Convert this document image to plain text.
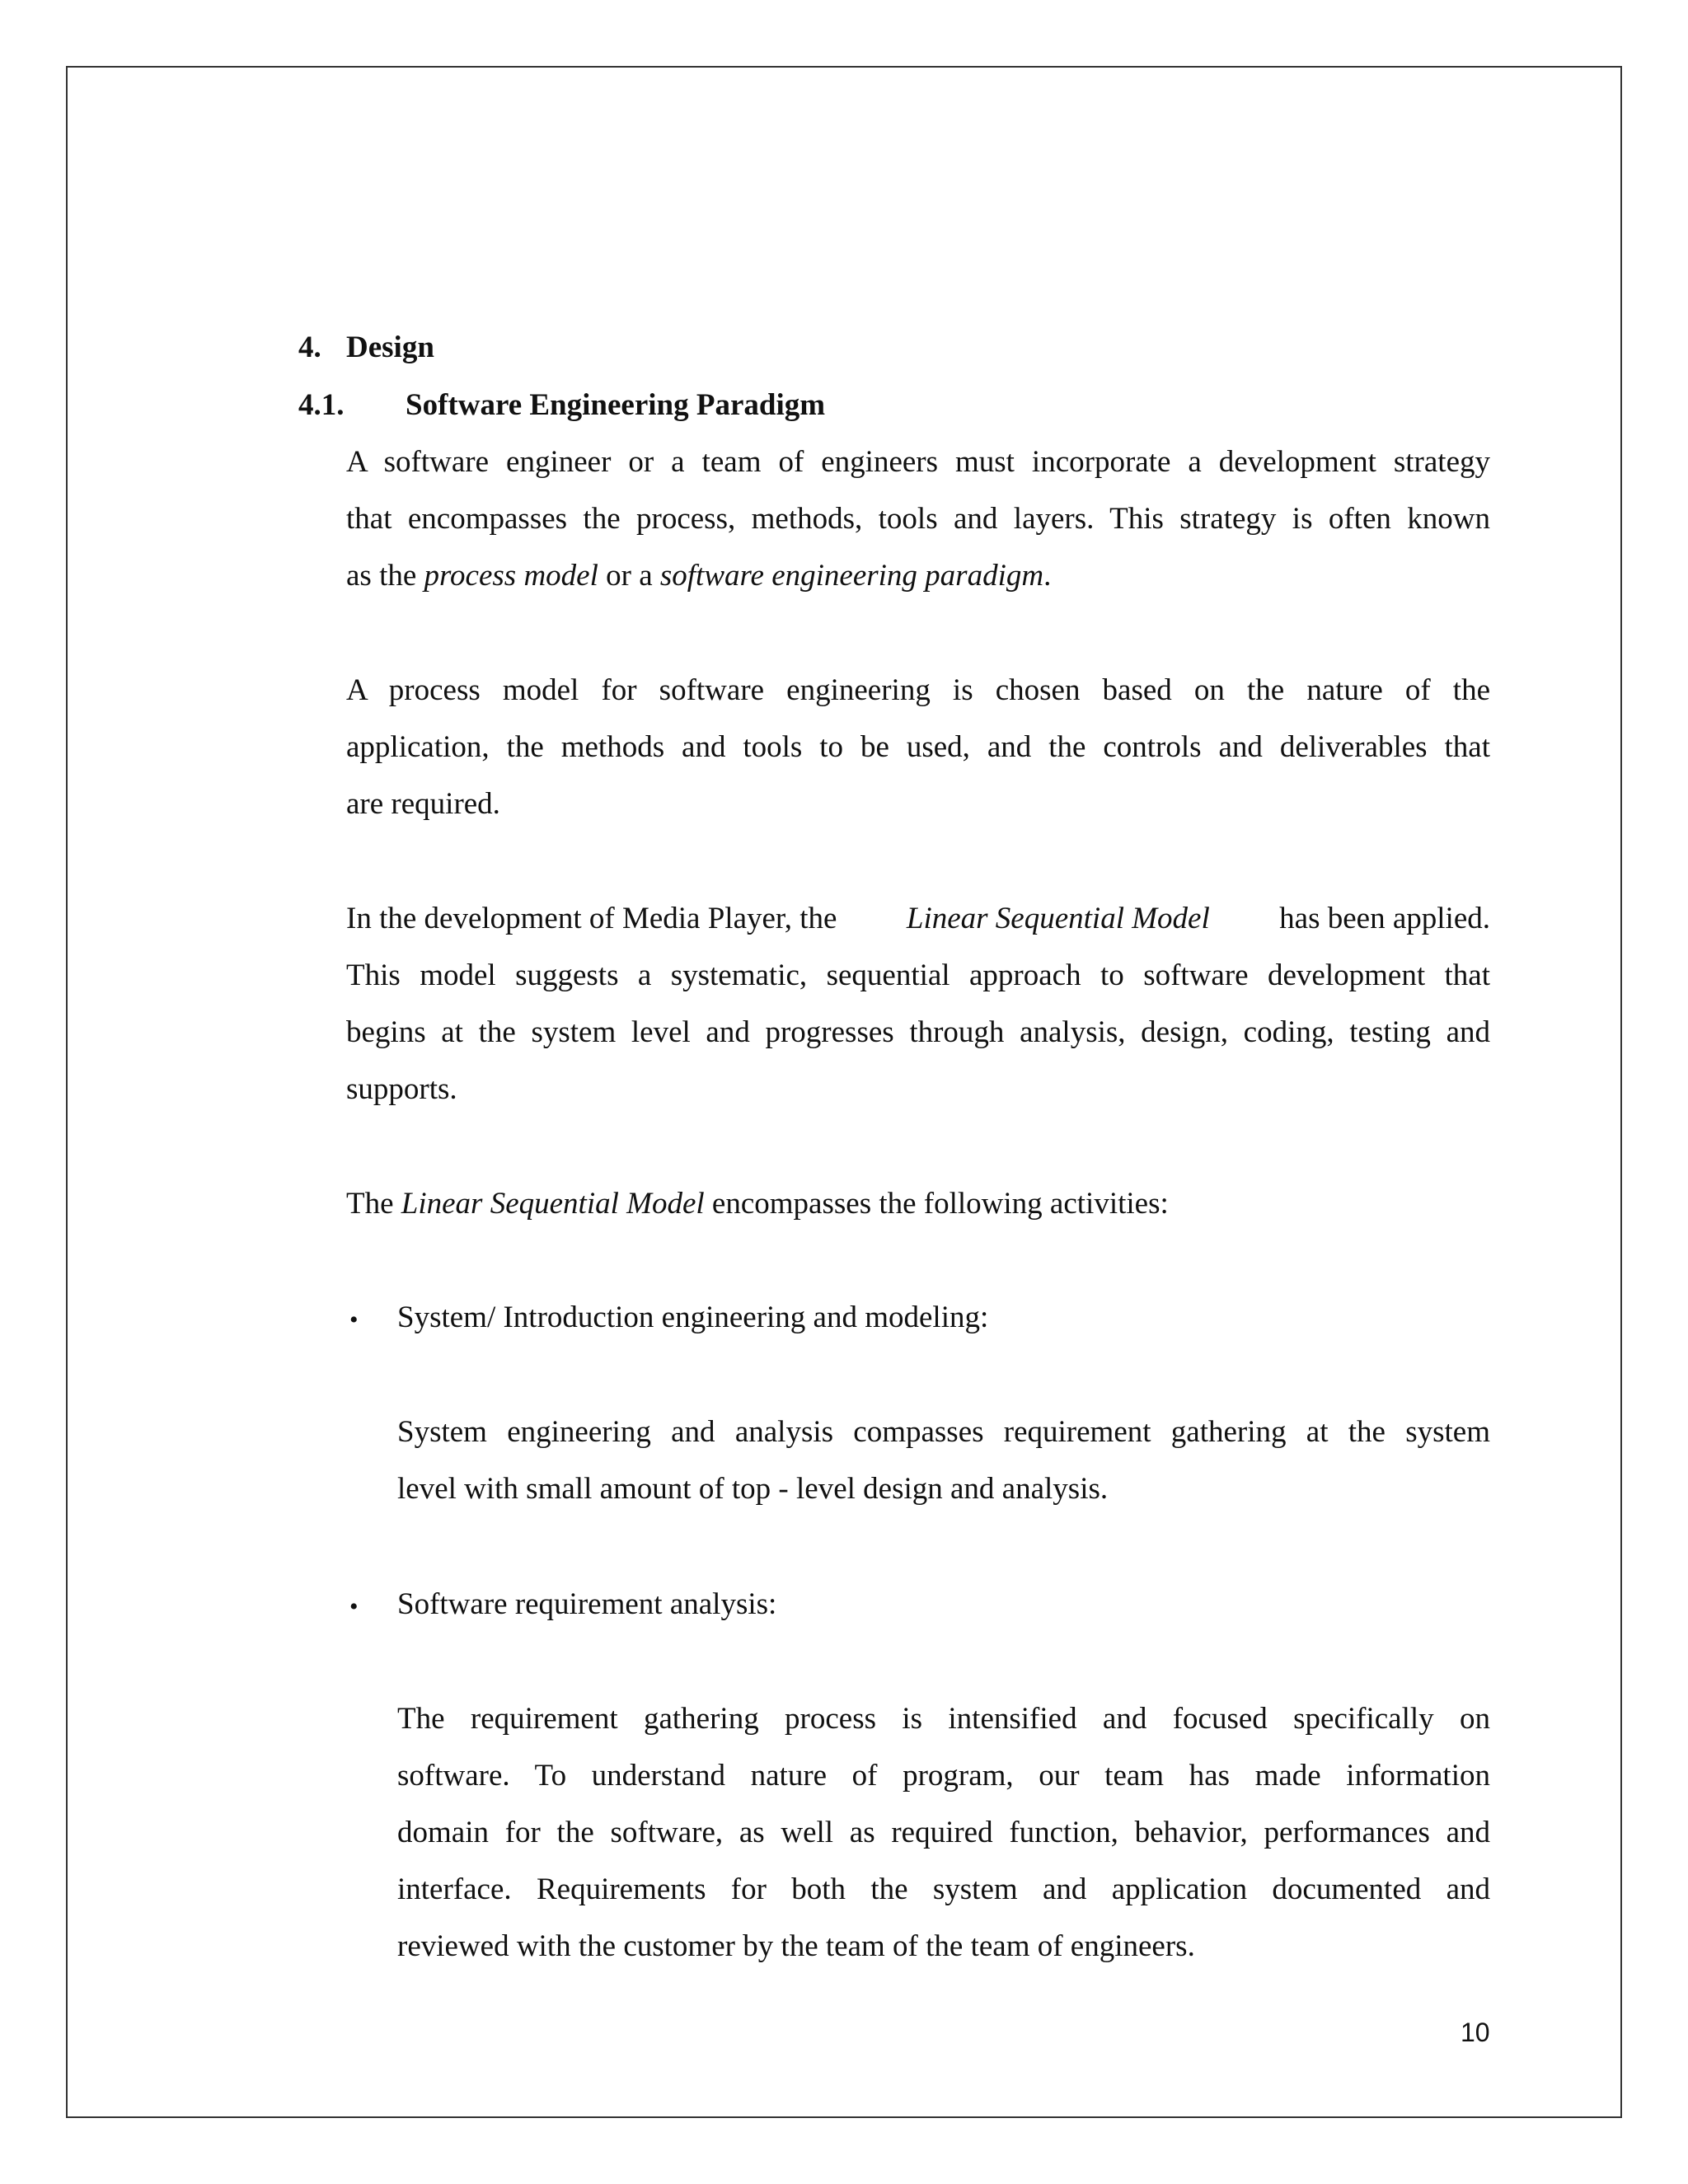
4. Design
4.1. Software Engineering Paradigm
A software engineer or a team of engineers must incorporate a development strategy
that encompasses the process, methods, tools and layers. This strategy is often known
as the process model or a software engineering paradigm.
A process model for software engineering is chosen based on the nature of the
application, the methods and tools to be used, and the controls and deliverables that
are required.
In the development of Media Player, the Linear Sequential Model has been applied.
This model suggests a systematic, sequential approach to software development that
begins at the system level and progresses through analysis, design, coding, testing and
supports.
The Linear Sequential Model encompasses the following activities:
• System/ Introduction engineering and modeling:
System engineering and analysis compasses requirement gathering at the system
level with small amount of top - level design and analysis.
• Software requirement analysis:
The requirement gathering process is intensified and focused specifically on
software. To understand nature of program, our team has made information
domain for the software, as well as required function, behavior, performances and
interface. Requirements for both the system and application documented and
reviewed with the customer by the team of the team of engineers.
10
